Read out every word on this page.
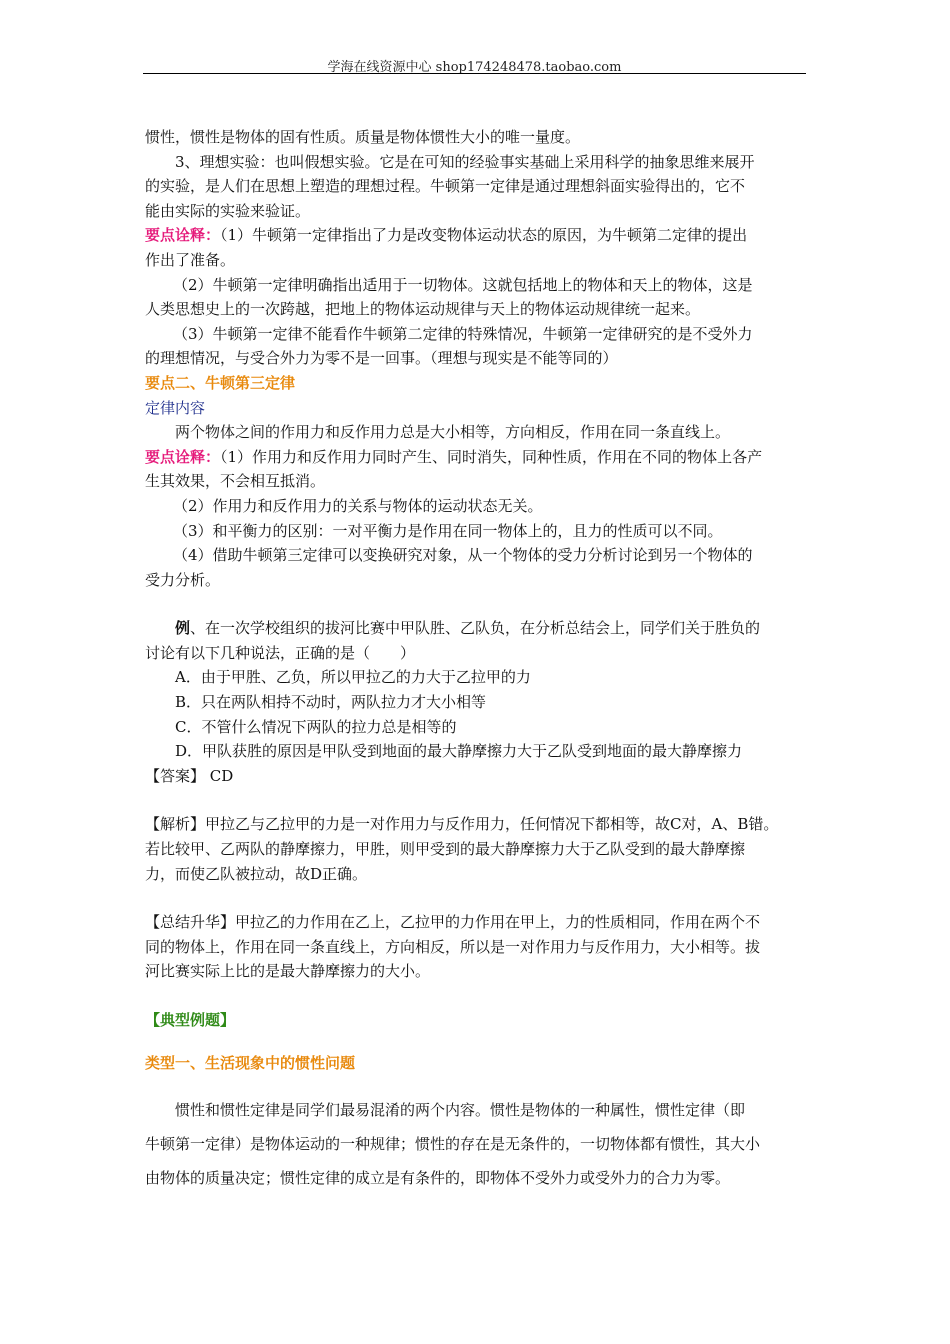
学海在线资源中心 shop174248478.taobao.com
惯性，惯性是物体的固有性质。质量是物体惯性大小的唯一量度。
3、理想实验：也叫假想实验。它是在可知的经验事实基础上采用科学的抽象思维来展开
的实验，是人们在思想上塑造的理想过程。牛顿第一定律是通过理想斜面实验得出的，它不
能由实际的实验来验证。
要点诠释：（1）牛顿第一定律指出了力是改变物体运动状态的原因，为牛顿第二定律的提出
作出了准备。
（2）牛顿第一定律明确指出适用于一切物体。这就包括地上的物体和天上的物体，这是
人类思想史上的一次跨越，把地上的物体运动规律与天上的物体运动规律统一起来。
（3）牛顿第一定律不能看作牛顿第二定律的特殊情况，牛顿第一定律研究的是不受外力
的理想情况，与受合外力为零不是一回事。（理想与现实是不能等同的）
要点二、牛顿第三定律
定律内容
两个物体之间的作用力和反作用力总是大小相等，方向相反，作用在同一条直线上。
要点诠释：（1）作用力和反作用力同时产生、同时消失，同种性质，作用在不同的物体上各产
生其效果，不会相互抵消。
（2）作用力和反作用力的关系与物体的运动状态无关。
（3）和平衡力的区别：一对平衡力是作用在同一物体上的，且力的性质可以不同。
（4）借助牛顿第三定律可以变换研究对象，从一个物体的受力分析讨论到另一个物体的
受力分析。
例、在一次学校组织的拔河比赛中甲队胜、乙队负，在分析总结会上，同学们关于胜负的
讨论有以下几种说法，正确的是（　　）
A．由于甲胜、乙负，所以甲拉乙的力大于乙拉甲的力
B．只在两队相持不动时，两队拉力才大小相等
C．不管什么情况下两队的拉力总是相等的
D．甲队获胜的原因是甲队受到地面的最大静摩擦力大于乙队受到地面的最大静摩擦力
【答案】 CD
【解析】甲拉乙与乙拉甲的力是一对作用力与反作用力，任何情况下都相等，故C对，A、B错。
若比较甲、乙两队的静摩擦力，甲胜，则甲受到的最大静摩擦力大于乙队受到的最大静摩擦
力，而使乙队被拉动，故D正确。
【总结升华】甲拉乙的力作用在乙上，乙拉甲的力作用在甲上，力的性质相同，作用在两个不
同的物体上，作用在同一条直线上，方向相反，所以是一对作用力与反作用力，大小相等。拔
河比赛实际上比的是最大静摩擦力的大小。
【典型例题】
类型一、生活现象中的惯性问题
惯性和惯性定律是同学们最易混淆的两个内容。惯性是物体的一种属性，惯性定律（即
牛顿第一定律）是物体运动的一种规律；惯性的存在是无条件的，一切物体都有惯性，其大小
由物体的质量决定；惯性定律的成立是有条件的，即物体不受外力或受外力的合力为零。
